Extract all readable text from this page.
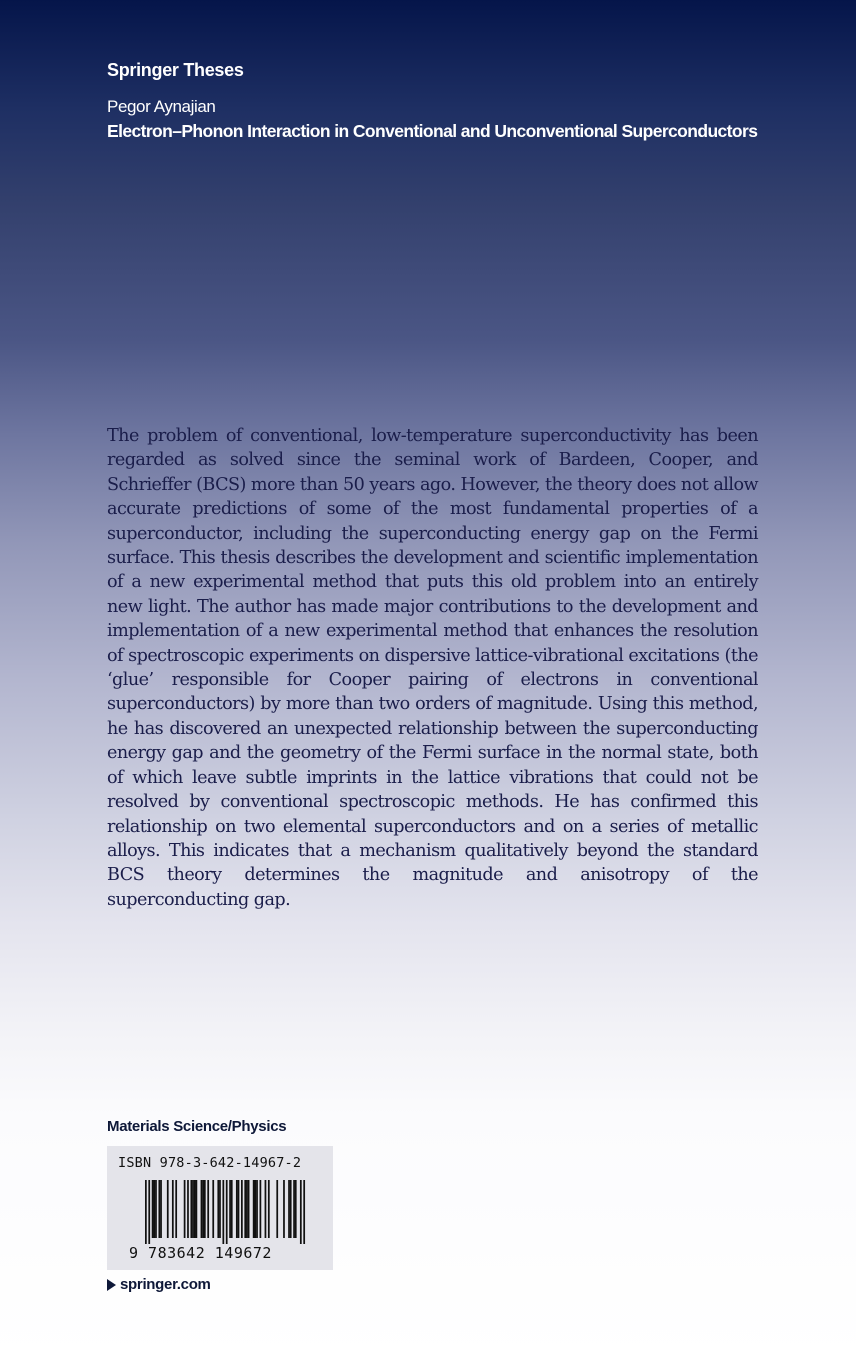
Springer Theses
Pegor Aynajian
Electron–Phonon Interaction in Conventional and Unconventional Superconductors

The problem of conventional, low-temperature superconductivity has been regarded as solved since the seminal work of Bardeen, Cooper, and Schrieffer (BCS) more than 50 years ago. However, the theory does not allow accurate predictions of some of the most fundamental properties of a superconductor, including the superconducting energy gap on the Fermi surface. This thesis describes the development and scientific implementation of a new experimental method that puts this old problem into an entirely new light. The author has made major contributions to the development and implementation of a new experimental method that enhances the resolution of spectroscopic experiments on dispersive lattice-vibrational excitations (the ‘glue’ responsible for Cooper pairing of electrons in conventional superconductors) by more than two orders of magnitude. Using this method, he has discovered an unexpected relationship between the superconducting energy gap and the geometry of the Fermi surface in the normal state, both of which leave subtle imprints in the lattice vibrations that could not be resolved by conventional spectroscopic methods. He has confirmed this relationship on two elemental superconductors and on a series of metallic alloys. This indicates that a mechanism qualitatively beyond the standard BCS theory determines the magnitude and anisotropy of the superconducting gap.

Materials Science/Physics
ISBN 978-3-642-14967-2
9 783642 149672
springer.com
